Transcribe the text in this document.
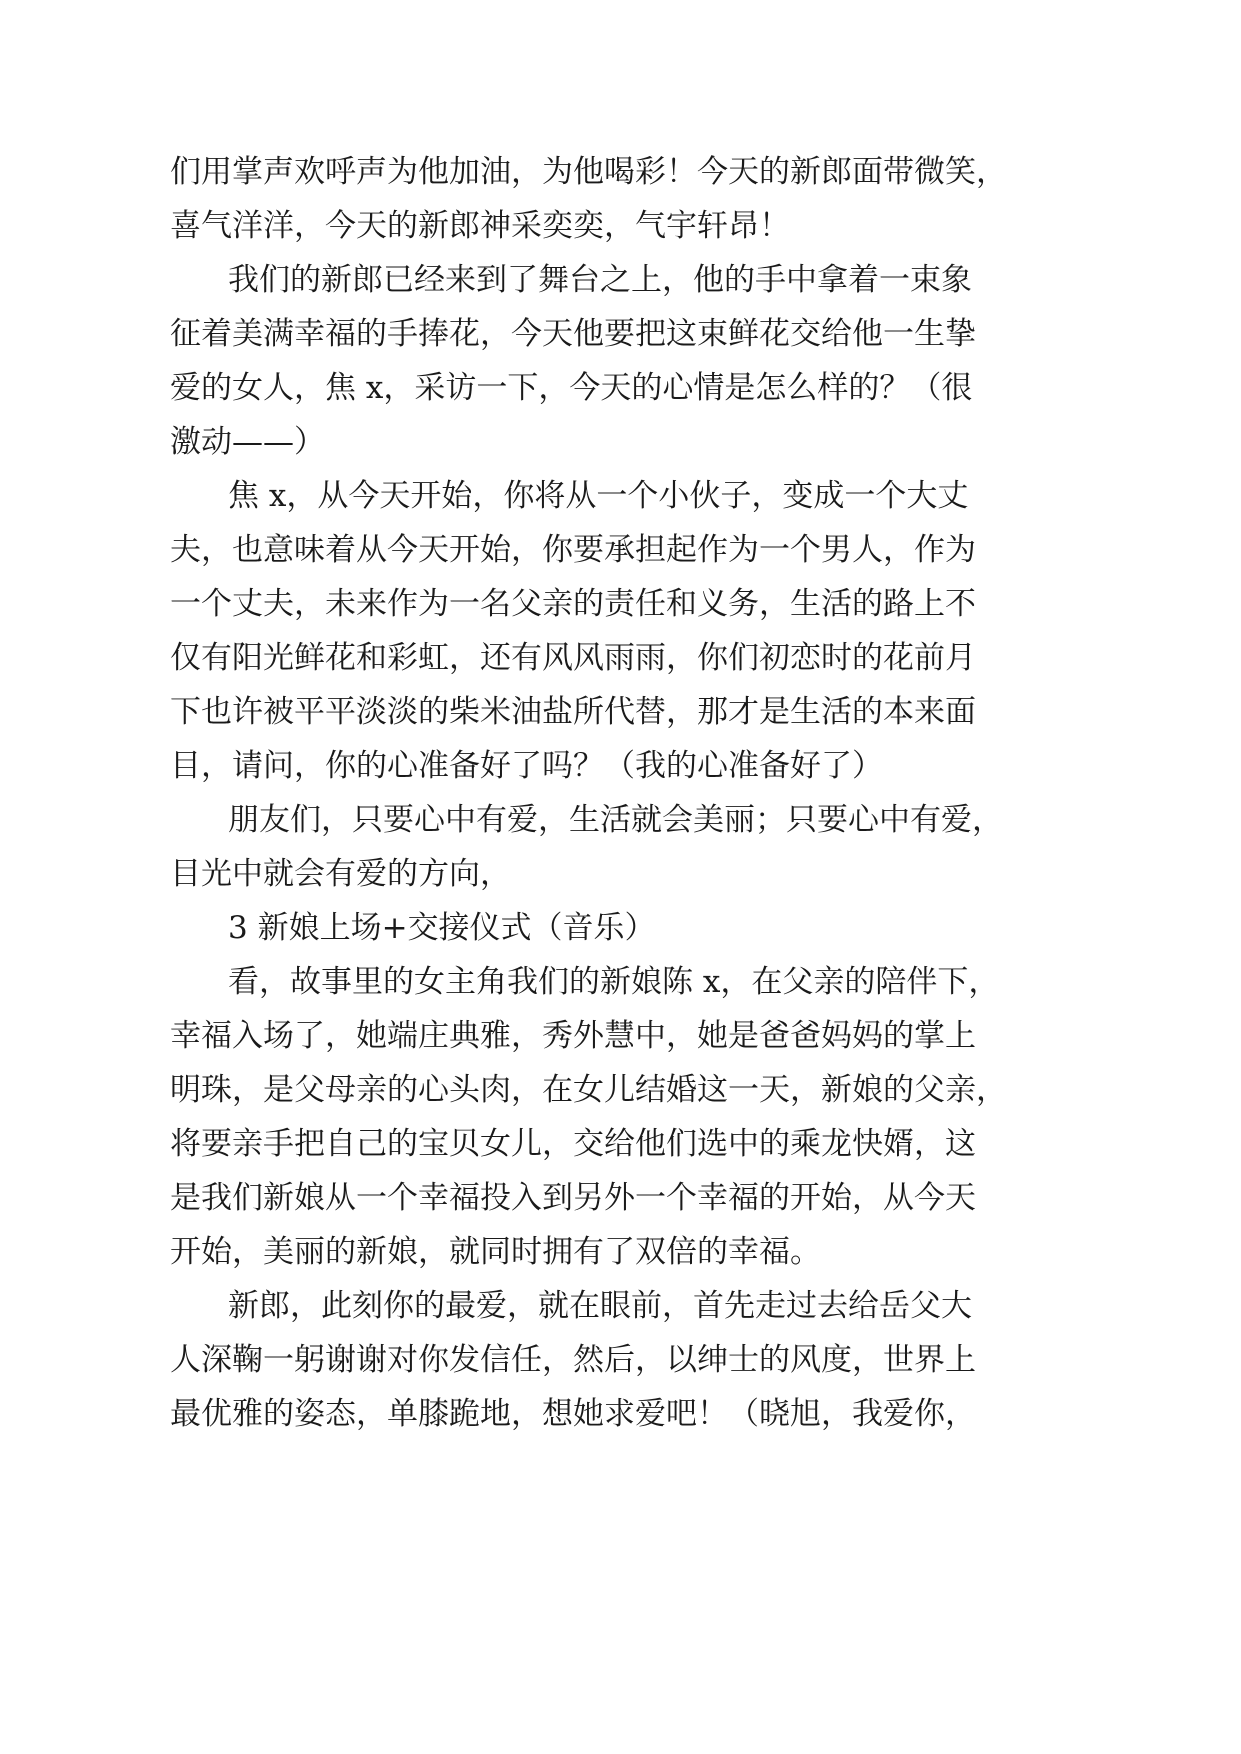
们用掌声欢呼声为他加油，为他喝彩！今天的新郎面带微笑，
喜气洋洋，今天的新郎神采奕奕，气宇轩昂！
我们的新郎已经来到了舞台之上，他的手中拿着一束象
征着美满幸福的手捧花，今天他要把这束鲜花交给他一生挚
爱的女人，焦 x，采访一下，今天的心情是怎么样的？（很
激动——）
焦 x，从今天开始，你将从一个小伙子，变成一个大丈
夫，也意味着从今天开始，你要承担起作为一个男人，作为
一个丈夫，未来作为一名父亲的责任和义务，生活的路上不
仅有阳光鲜花和彩虹，还有风风雨雨，你们初恋时的花前月
下也许被平平淡淡的柴米油盐所代替，那才是生活的本来面
目，请问，你的心准备好了吗？（我的心准备好了）
朋友们，只要心中有爱，生活就会美丽；只要心中有爱，
目光中就会有爱的方向，
3 新娘上场+交接仪式（音乐）
看，故事里的女主角我们的新娘陈 x，在父亲的陪伴下，
幸福入场了，她端庄典雅，秀外慧中，她是爸爸妈妈的掌上
明珠，是父母亲的心头肉，在女儿结婚这一天，新娘的父亲，
将要亲手把自己的宝贝女儿，交给他们选中的乘龙快婿，这
是我们新娘从一个幸福投入到另外一个幸福的开始，从今天
开始，美丽的新娘，就同时拥有了双倍的幸福。
新郎，此刻你的最爱，就在眼前，首先走过去给岳父大
人深鞠一躬谢谢对你发信任，然后，以绅士的风度，世界上
最优雅的姿态，单膝跪地，想她求爱吧！（晓旭，我爱你，
